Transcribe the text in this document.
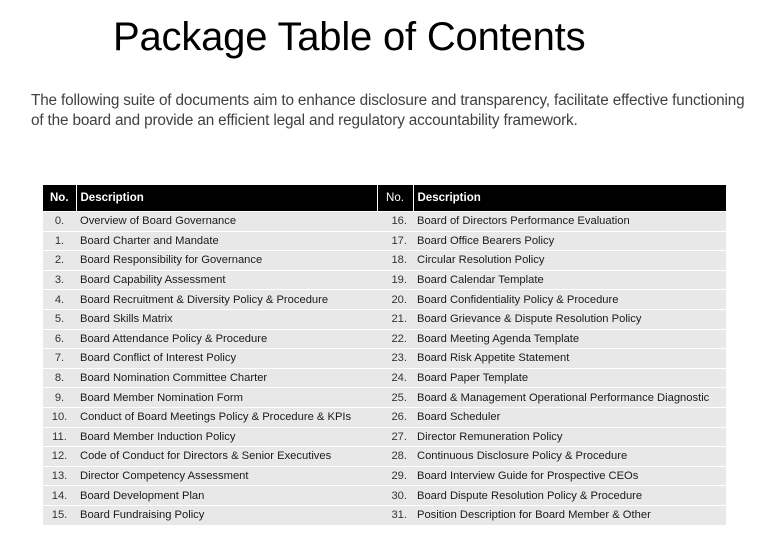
Package Table of Contents

The following suite of documents aim to enhance disclosure and transparency, facilitate effective functioning of the board and provide an efficient legal and regulatory accountability framework.

No.	Description	No.	Description
0.	Overview of Board Governance	16.	Board of Directors Performance Evaluation
1.	Board Charter and Mandate	17.	Board Office Bearers Policy
2.	Board Responsibility for Governance	18.	Circular Resolution Policy
3.	Board Capability Assessment	19.	Board Calendar Template
4.	Board Recruitment & Diversity Policy & Procedure	20.	Board Confidentiality Policy & Procedure
5.	Board Skills Matrix	21.	Board Grievance & Dispute Resolution Policy
6.	Board Attendance Policy & Procedure	22.	Board Meeting Agenda Template
7.	Board Conflict of Interest Policy	23.	Board Risk Appetite Statement
8.	Board Nomination Committee Charter	24.	Board Paper Template
9.	Board Member Nomination Form	25.	Board & Management Operational Performance Diagnostic
10.	Conduct of Board Meetings Policy & Procedure & KPIs	26.	Board Scheduler
11.	Board Member Induction Policy	27.	Director Remuneration Policy
12.	Code of Conduct for Directors & Senior Executives	28.	Continuous Disclosure Policy & Procedure
13.	Director Competency Assessment	29.	Board Interview Guide for Prospective CEOs
14.	Board Development Plan	30.	Board Dispute Resolution Policy & Procedure
15.	Board Fundraising Policy	31.	Position Description for Board Member & Other
